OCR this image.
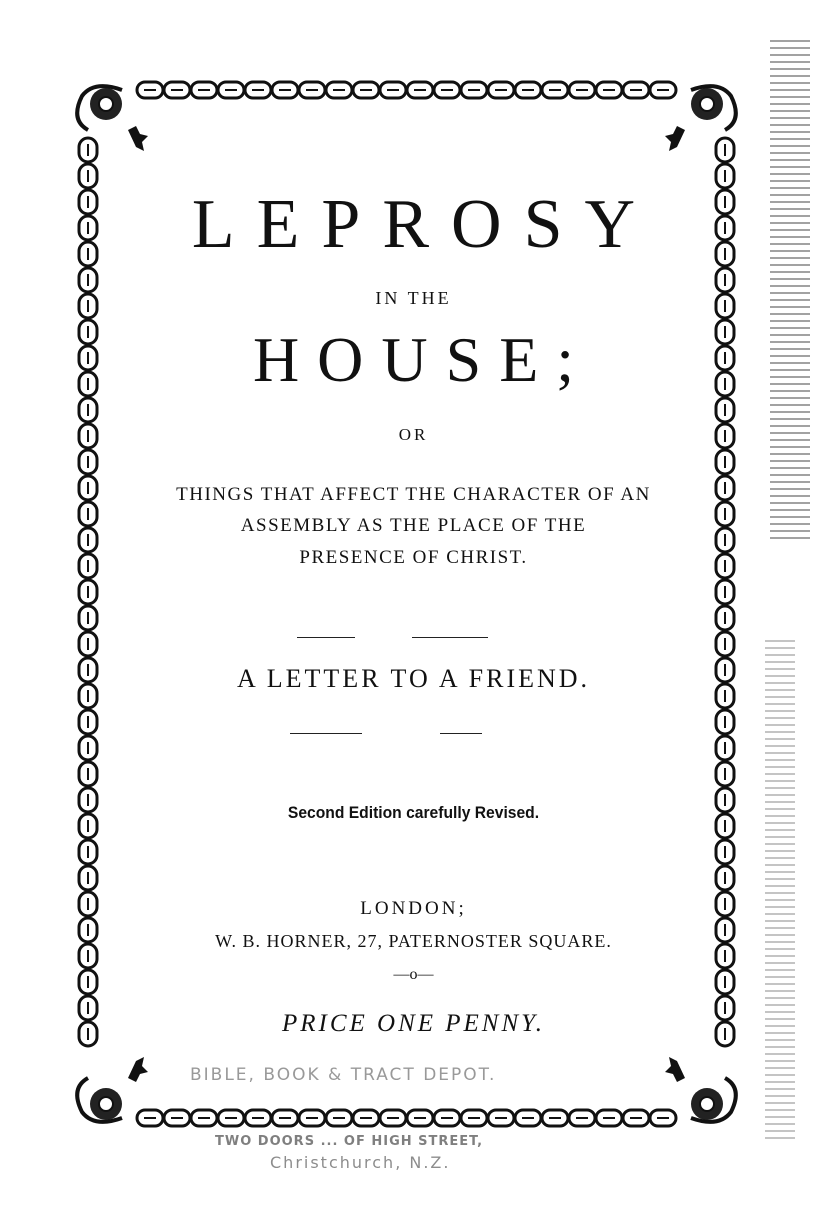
LEPROSY
IN THE
HOUSE;
OR
THINGS THAT AFFECT THE CHARACTER OF AN
ASSEMBLY AS THE PLACE OF THE
PRESENCE OF CHRIST.
A LETTER TO A FRIEND.
Second Edition carefully Revised.
LONDON;
W. B. HORNER, 27, PATERNOSTER SQUARE.
—o—
PRICE ONE PENNY.
BIBLE, BOOK & TRACT DEPOT.
TWO DOORS ... OF HIGH STREET,
Christchurch, N.Z.
